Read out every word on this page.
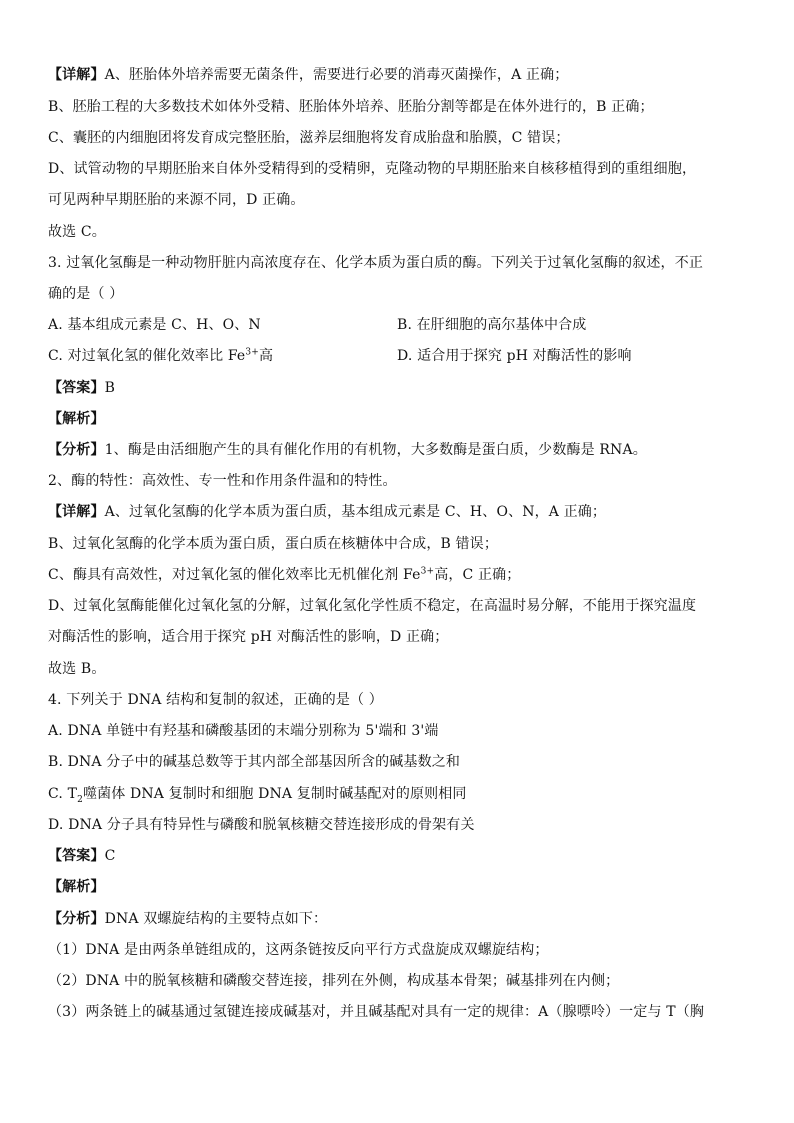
【详解】A、胚胎体外培养需要无菌条件，需要进行必要的消毒灭菌操作，A 正确；
B、胚胎工程的大多数技术如体外受精、胚胎体外培养、胚胎分割等都是在体外进行的，B 正确；
C、囊胚的内细胞团将发育成完整胚胎，滋养层细胞将发育成胎盘和胎膜，C 错误；
D、试管动物的早期胚胎来自体外受精得到的受精卵，克隆动物的早期胚胎来自核移植得到的重组细胞，
可见两种早期胚胎的来源不同，D 正确。
故选 C。
3. 过氧化氢酶是一种动物肝脏内高浓度存在、化学本质为蛋白质的酶。下列关于过氧化氢酶的叙述，不正
确的是（ ）
A. 基本组成元素是 C、H、O、N	B. 在肝细胞的高尔基体中合成
C. 对过氧化氢的催化效率比 $Fe^{3+}$高	D. 适合用于探究 pH 对酶活性的影响
【答案】B
【解析】
【分析】1、酶是由活细胞产生的具有催化作用的有机物，大多数酶是蛋白质，少数酶是 RNA。
2、酶的特性：高效性、专一性和作用条件温和的特性。
【详解】A、过氧化氢酶的化学本质为蛋白质，基本组成元素是 C、H、O、N，A 正确；
B、过氧化氢酶的化学本质为蛋白质，蛋白质在核糖体中合成，B 错误；
C、酶具有高效性，对过氧化氢的催化效率比无机催化剂 $Fe^{3+}$高，C 正确；
D、过氧化氢酶能催化过氧化氢的分解，过氧化氢化学性质不稳定，在高温时易分解，不能用于探究温度
对酶活性的影响，适合用于探究 pH 对酶活性的影响，D 正确；
故选 B。
4. 下列关于 DNA 结构和复制的叙述，正确的是（ ）
A. DNA 单链中有羟基和磷酸基团的末端分别称为 5'端和 3'端
B. DNA 分子中的碱基总数等于其内部全部基因所含的碱基数之和
C. $T_2$噬菌体 DNA 复制时和细胞 DNA 复制时碱基配对的原则相同
D. DNA 分子具有特异性与磷酸和脱氧核糖交替连接形成的骨架有关
【答案】C
【解析】
【分析】DNA 双螺旋结构的主要特点如下：
（1）DNA 是由两条单链组成的，这两条链按反向平行方式盘旋成双螺旋结构；
（2）DNA 中的脱氧核糖和磷酸交替连接，排列在外侧，构成基本骨架；碱基排列在内侧；
（3）两条链上的碱基通过氢键连接成碱基对，并且碱基配对具有一定的规律：A（腺嘌呤）一定与 T（胸
